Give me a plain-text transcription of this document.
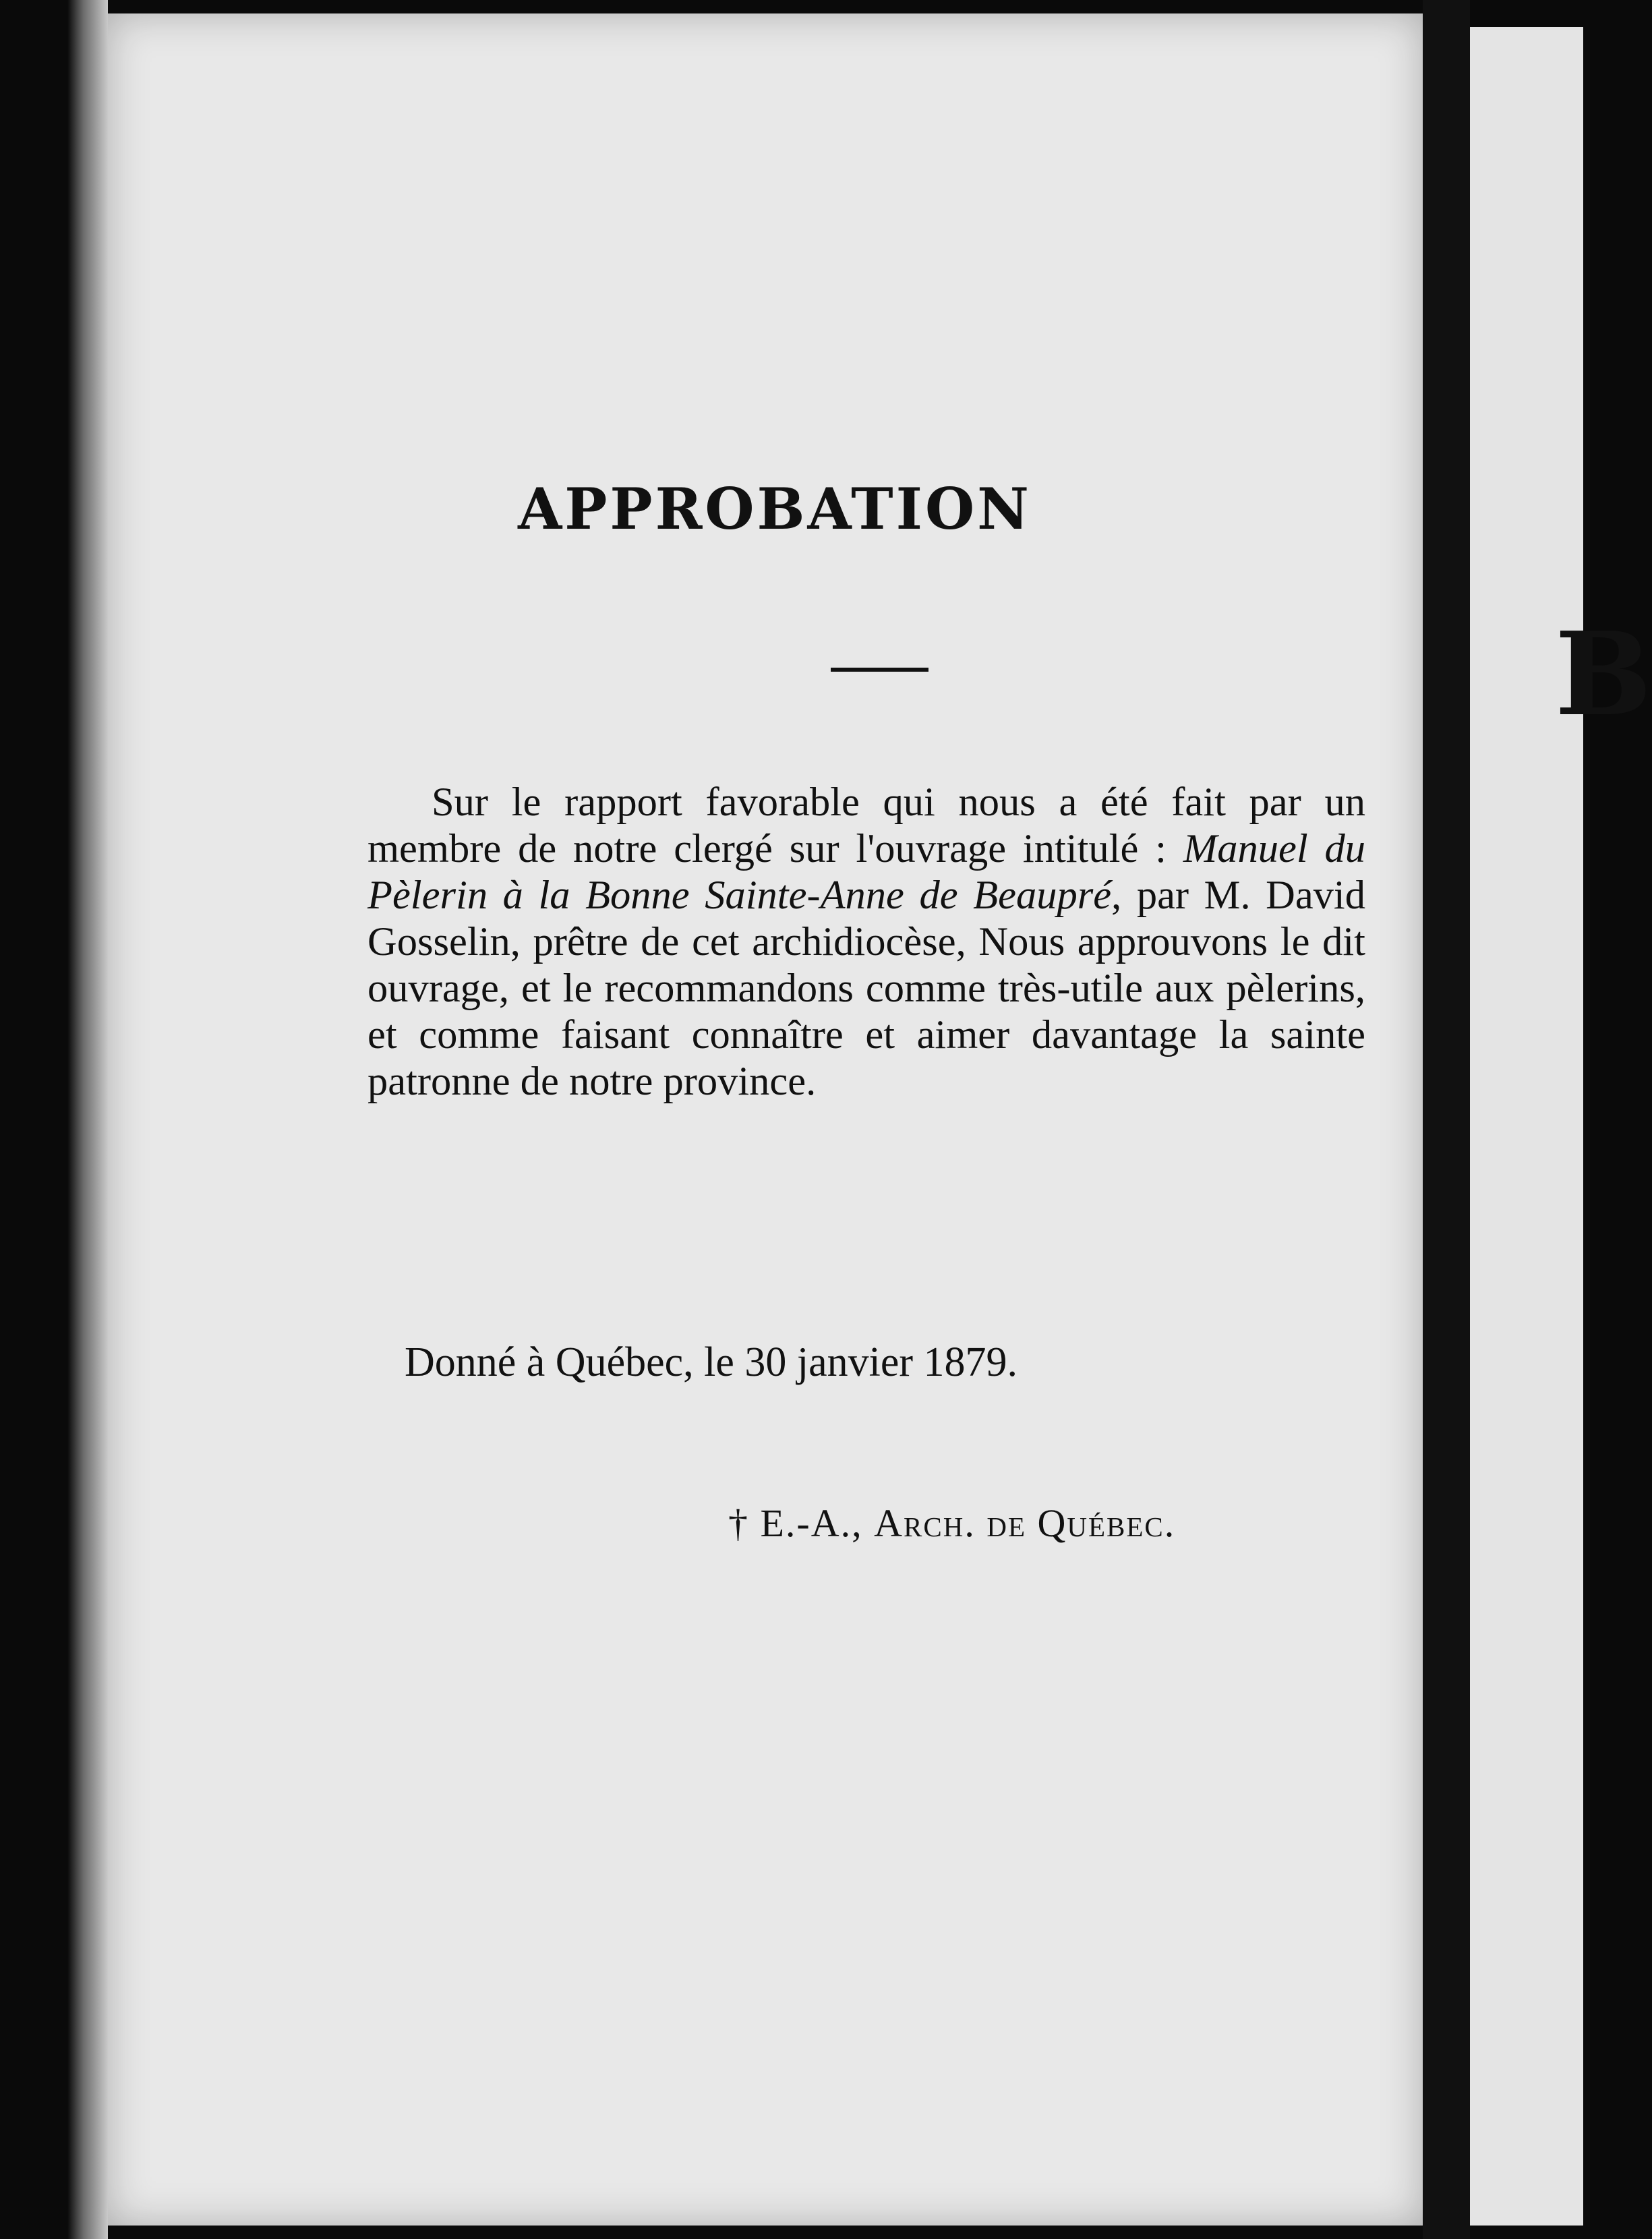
B
APPROBATION
Sur le rapport favorable qui nous a été fait par un membre de notre clergé sur l'ouvrage intitulé : Manuel du Pèlerin à la Bonne Sainte-Anne de Beaupré, par M. David Gosselin, prêtre de cet archidiocèse, Nous approuvons le dit ouvrage, et le recommandons comme très-utile aux pèlerins, et comme faisant connaître et aimer davantage la sainte patronne de notre province.
Donné à Québec, le 30 janvier 1879.
† E.-A., Arch. de Québec.
